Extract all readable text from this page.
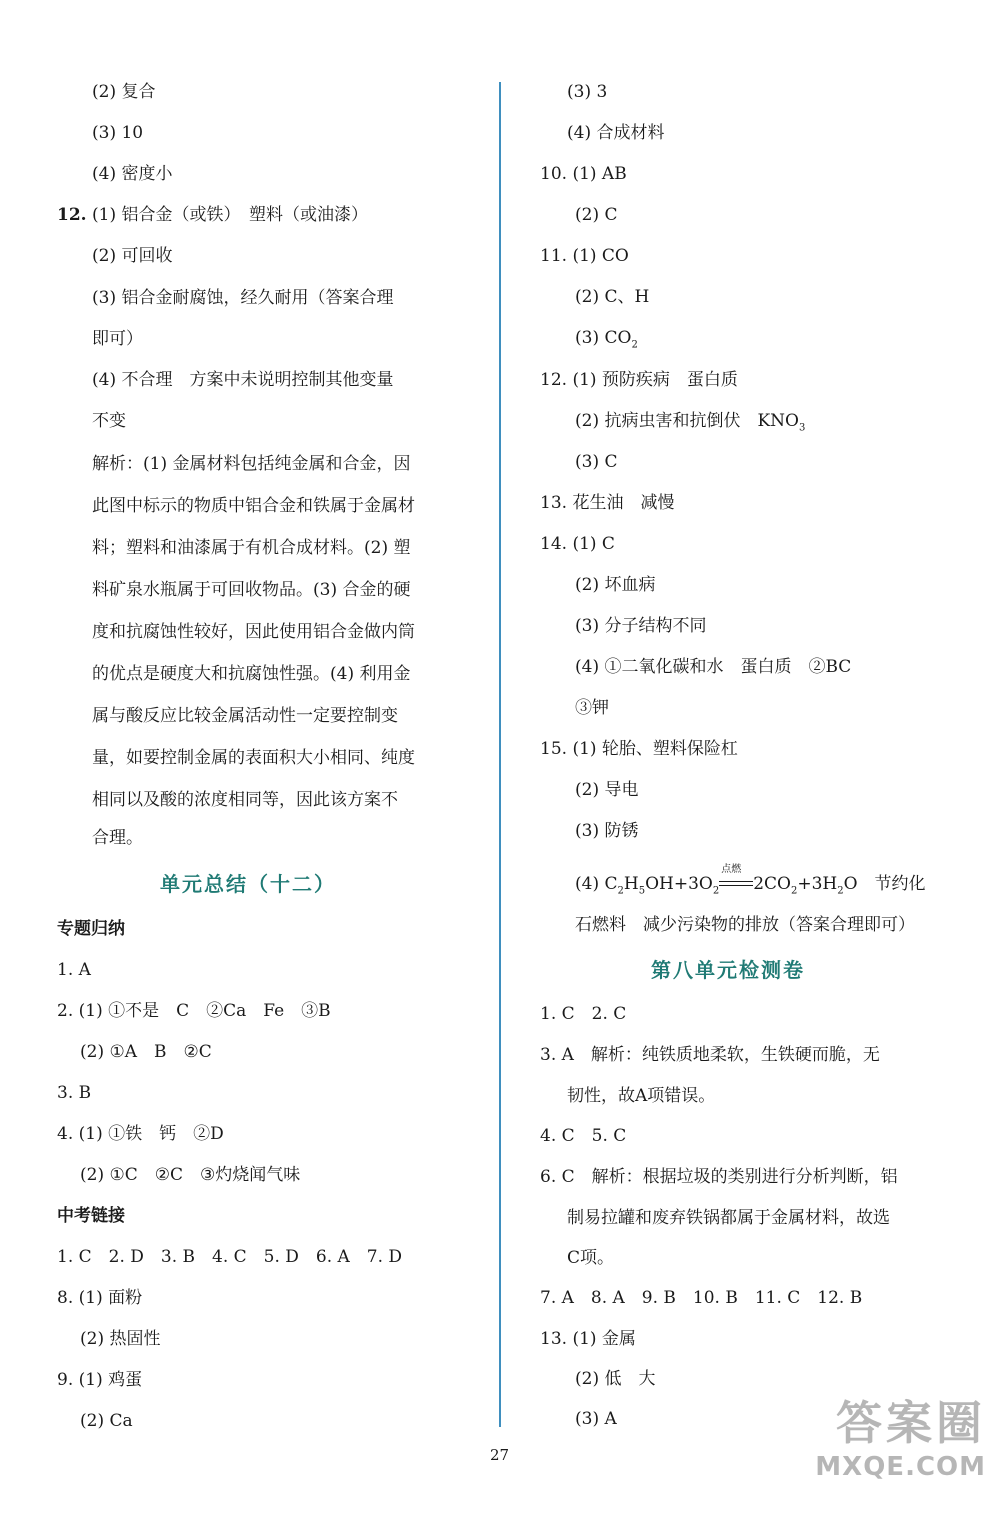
(2) 复合
(3) 10
(4) 密度小
12. (1) 铝合金（或铁）　塑料（或油漆）
(2) 可回收
(3) 铝合金耐腐蚀，经久耐用（答案合理
即可）
(4) 不合理　方案中未说明控制其他变量
不变
解析：(1) 金属材料包括纯金属和合金，因
此图中标示的物质中铝合金和铁属于金属材
料；塑料和油漆属于有机合成材料。(2) 塑
料矿泉水瓶属于可回收物品。(3) 合金的硬
度和抗腐蚀性较好，因此使用铝合金做内筒
的优点是硬度大和抗腐蚀性强。(4) 利用金
属与酸反应比较金属活动性一定要控制变
量，如要控制金属的表面积大小相同、纯度
相同以及酸的浓度相同等，因此该方案不
合理。
单元总结（十二）
专题归纳
1. A
2. (1) ①不是　C　②Ca　Fe　③B
(2) ①A　B　②C
3. B
4. (1) ①铁　钙　②D
(2) ①C　②C　③灼烧闻气味
中考链接
1. C　2. D　3. B　4. C　5. D　6. A　7. D
8. (1) 面粉
(2) 热固性
9. (1) 鸡蛋
(2) Ca
(3) 3
(4) 合成材料
10. (1) AB
(2) C
11. (1) CO
(2) C、H
(3) $CO_2$
12. (1) 预防疾病　蛋白质
(2) 抗病虫害和抗倒伏　$KNO_3$
(3) C
13. 花生油　减慢
14. (1) C
(2) 坏血病
(3) 分子结构不同
(4) ①二氧化碳和水　蛋白质　②BC
③钾
15. (1) 轮胎、塑料保险杠
(2) 导电
(3) 防锈
(4) $C_2H_5OH+3O_2$
点燃
$2CO_2+3H_2O$　节约化
石燃料　减少污染物的排放（答案合理即可）
第八单元检测卷
1. C　2. C
3. A　解析：纯铁质地柔软，生铁硬而脆，无
韧性，故A项错误。
4. C　5. C
6. C　解析：根据垃圾的类别进行分析判断，铝
制易拉罐和废弃铁锅都属于金属材料，故选
C项。
7. A　8. A　9. B　10. B　11. C　12. B
13. (1) 金属
(2) 低　大
(3) A
27
答案圈
MXQE.COM
